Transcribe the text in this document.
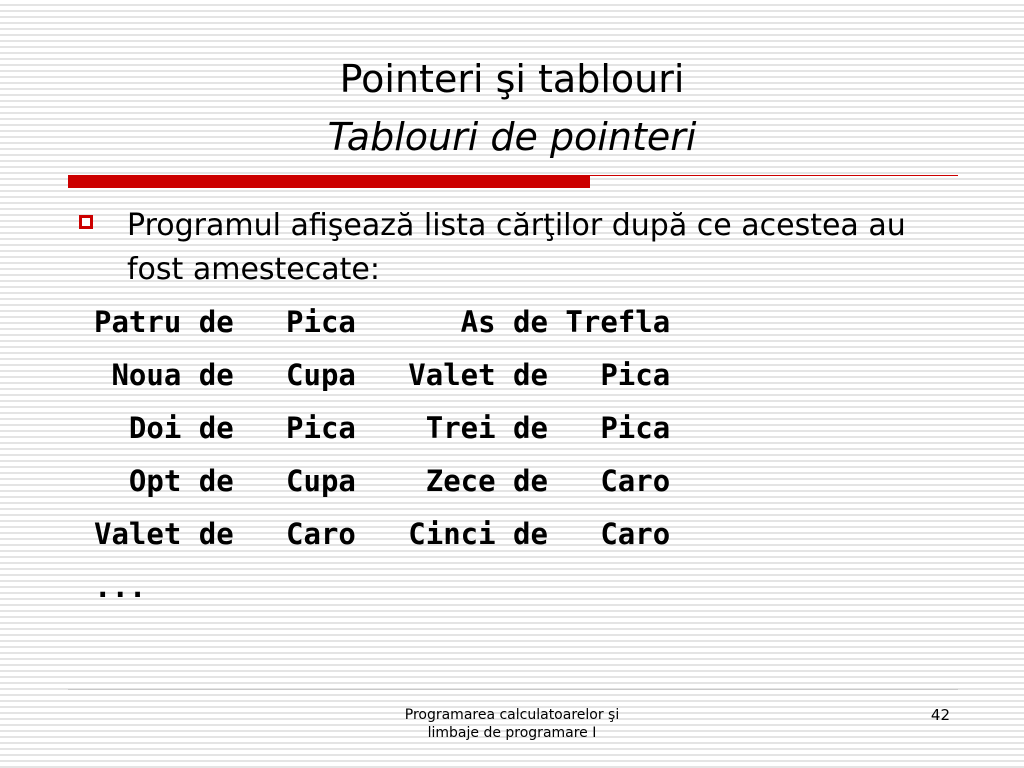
Pointeri şi tablouri
Tablouri de pointeri
Programul afişează lista cărţilor după ce acestea au fost amestecate:
Patru de   Pica      As de Trefla
Noua de   Cupa   Valet de   Pica
Doi de   Pica    Trei de   Pica
Opt de   Cupa    Zece de   Caro
Valet de   Caro   Cinci de   Caro
...
Programarea calculatoarelor şi
limbaje de programare I
42
